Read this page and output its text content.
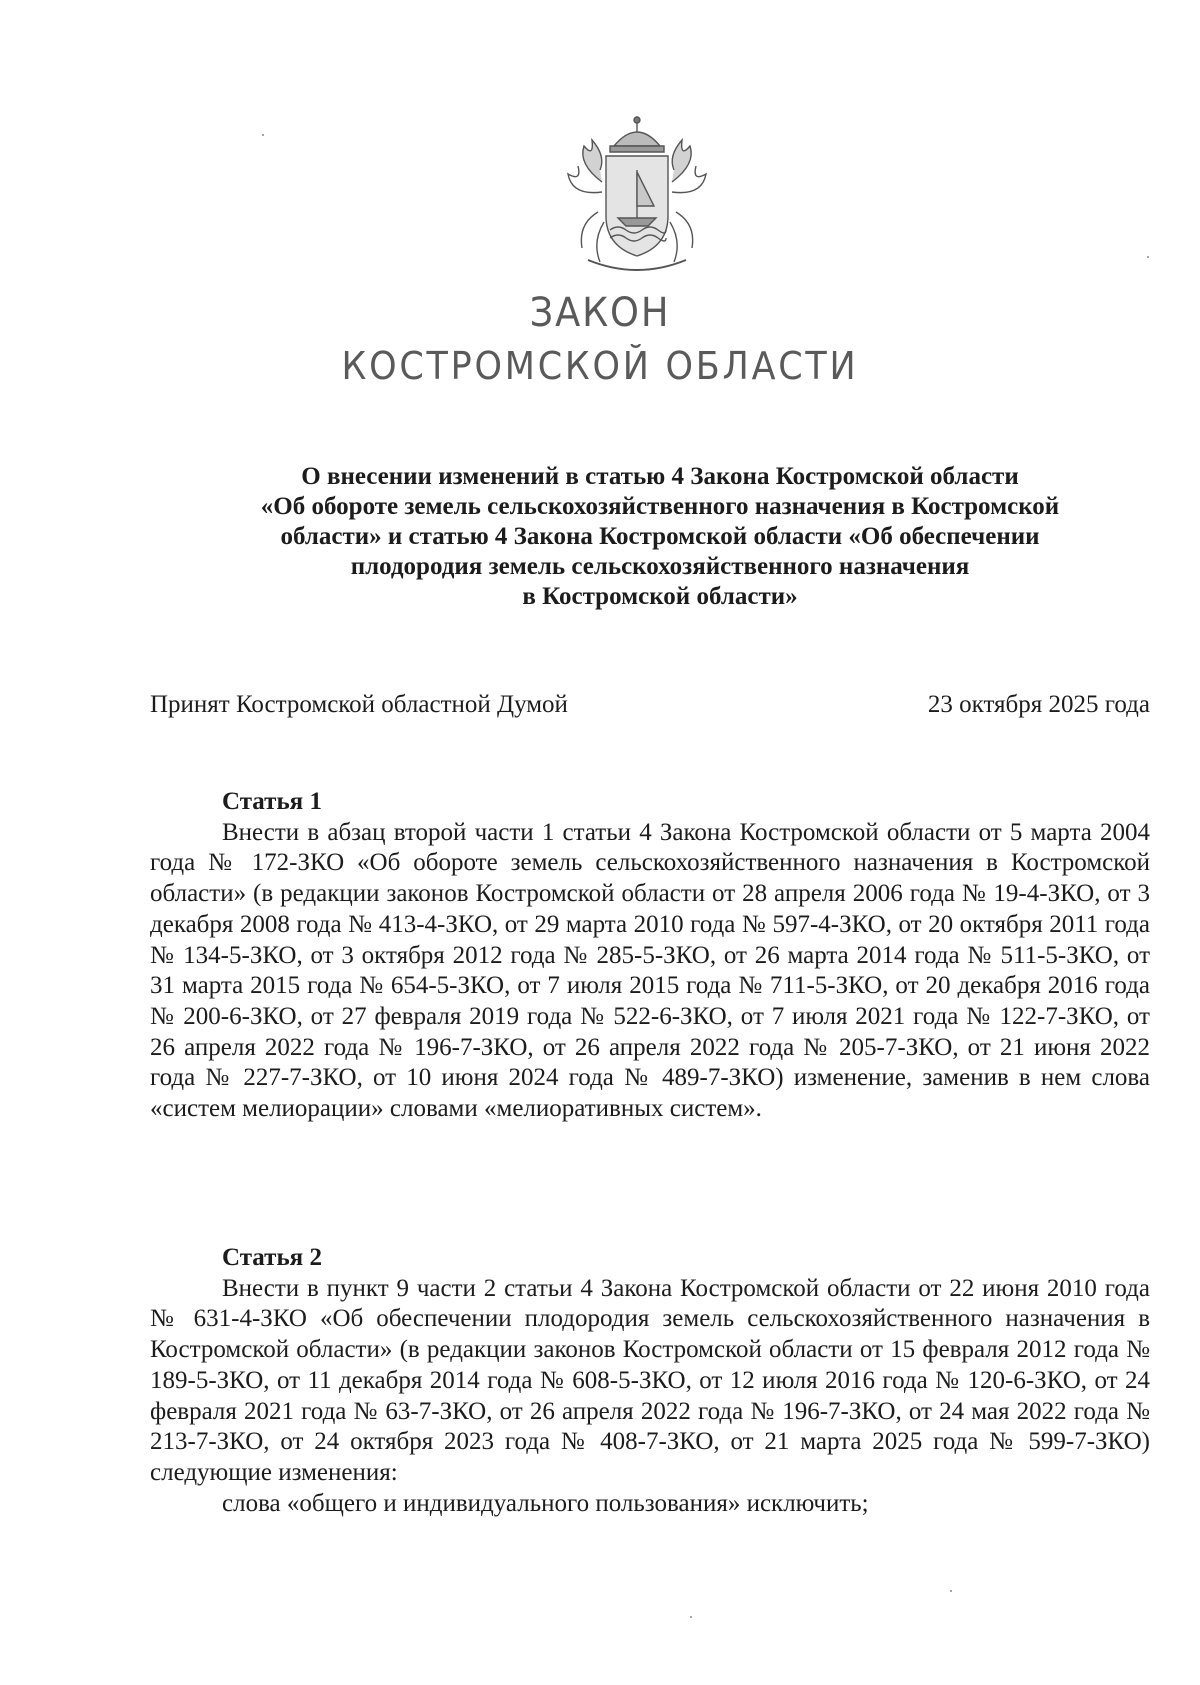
ЗАКОН
КОСТРОМСКОЙ ОБЛАСТИ
О внесении изменений в статью 4 Закона Костромской области
«Об обороте земель сельскохозяйственного назначения в Костромской
области» и статью 4 Закона Костромской области «Об обеспечении
плодородия земель сельскохозяйственного назначения
в Костромской области»
Принят Костромской областной Думой	23 октября 2025 года
Статья 1

Внести в абзац второй части 1 статьи 4 Закона Костромской области от 5 марта 2004 года № 172-ЗКО «Об обороте земель сельскохозяйственного назначения в Костромской области» (в редакции законов Костромской области от 28 апреля 2006 года № 19-4-ЗКО, от 3 декабря 2008 года № 413-4-ЗКО, от 29 марта 2010 года № 597-4-ЗКО, от 20 октября 2011 года № 134-5-ЗКО, от 3 октября 2012 года № 285-5-ЗКО, от 26 марта 2014 года № 511-5-ЗКО, от 31 марта 2015 года № 654-5-ЗКО, от 7 июля 2015 года № 711-5-ЗКО, от 20 декабря 2016 года № 200-6-ЗКО, от 27 февраля 2019 года № 522-6-ЗКО, от 7 июля 2021 года № 122-7-ЗКО, от 26 апреля 2022 года № 196-7-ЗКО, от 26 апреля 2022 года № 205-7-ЗКО, от 21 июня 2022 года № 227-7-ЗКО, от 10 июня 2024 года № 489-7-ЗКО) изменение, заменив в нем слова «систем мелиорации» словами «мелиоративных систем».

Статья 2

Внести в пункт 9 части 2 статьи 4 Закона Костромской области от 22 июня 2010 года № 631-4-ЗКО «Об обеспечении плодородия земель сельскохозяйственного назначения в Костромской области» (в редакции законов Костромской области от 15 февраля 2012 года № 189-5-ЗКО, от 11 декабря 2014 года № 608-5-ЗКО, от 12 июля 2016 года № 120-6-ЗКО, от 24 февраля 2021 года № 63-7-ЗКО, от 26 апреля 2022 года № 196-7-ЗКО, от 24 мая 2022 года № 213-7-ЗКО, от 24 октября 2023 года № 408-7-ЗКО, от 21 марта 2025 года № 599-7-ЗКО) следующие изменения:

слова «общего и индивидуального пользования» исключить;
